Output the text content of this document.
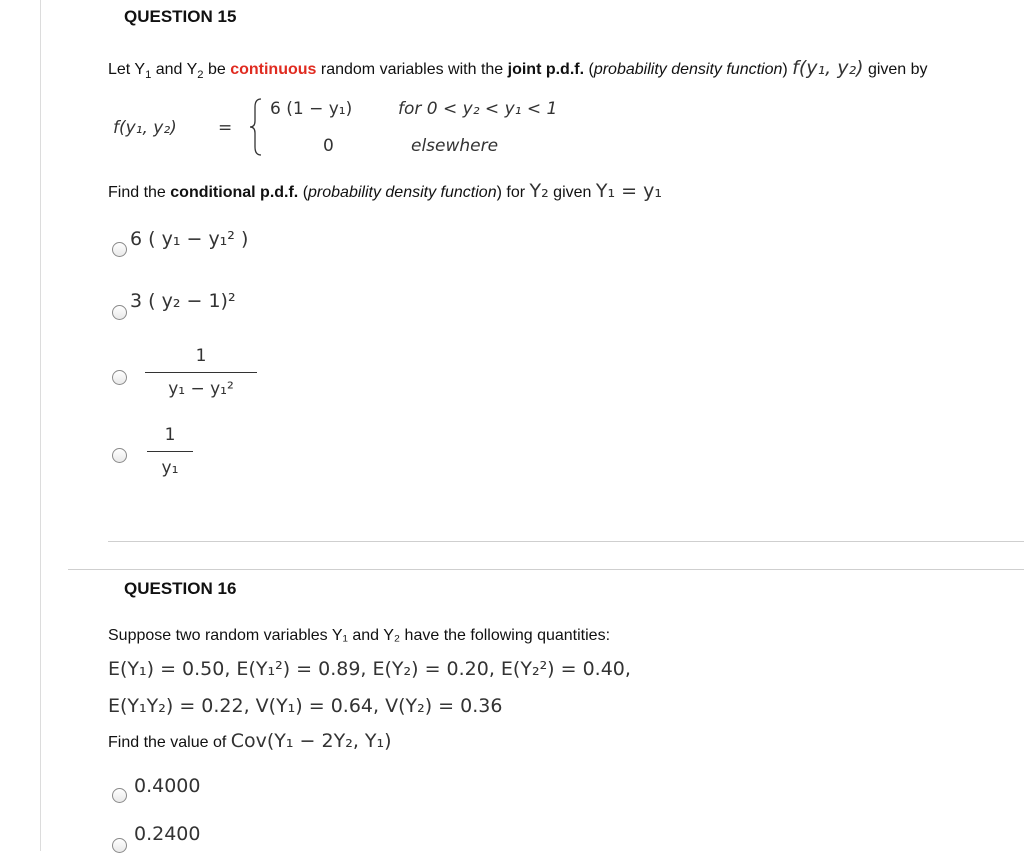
QUESTION 15
Let $Y_1$ and $Y_2$ be continuous random variables with the joint p.d.f. (probability density function) f(y₁, y₂) given by
f(y₁, y₂) =
6 (1 − y₁)	for 0 < y₂ < y₁ < 1
0	elsewhere
Find the conditional p.d.f. (probability density function) for Y₂ given Y₁ = y₁
6 ( y₁ − y₁² )
3 ( y₂ − 1)²
1
y₁ − y₁²
1
y₁
QUESTION 16
Suppose two random variables Y₁ and Y₂ have the following quantities:
E(Y₁) = 0.50, E(Y₁²) = 0.89, E(Y₂) = 0.20, E(Y₂²) = 0.40,
E(Y₁Y₂) = 0.22, V(Y₁) = 0.64, V(Y₂) = 0.36
Find the value of Cov(Y₁ − 2Y₂, Y₁)
0.4000
0.2400
